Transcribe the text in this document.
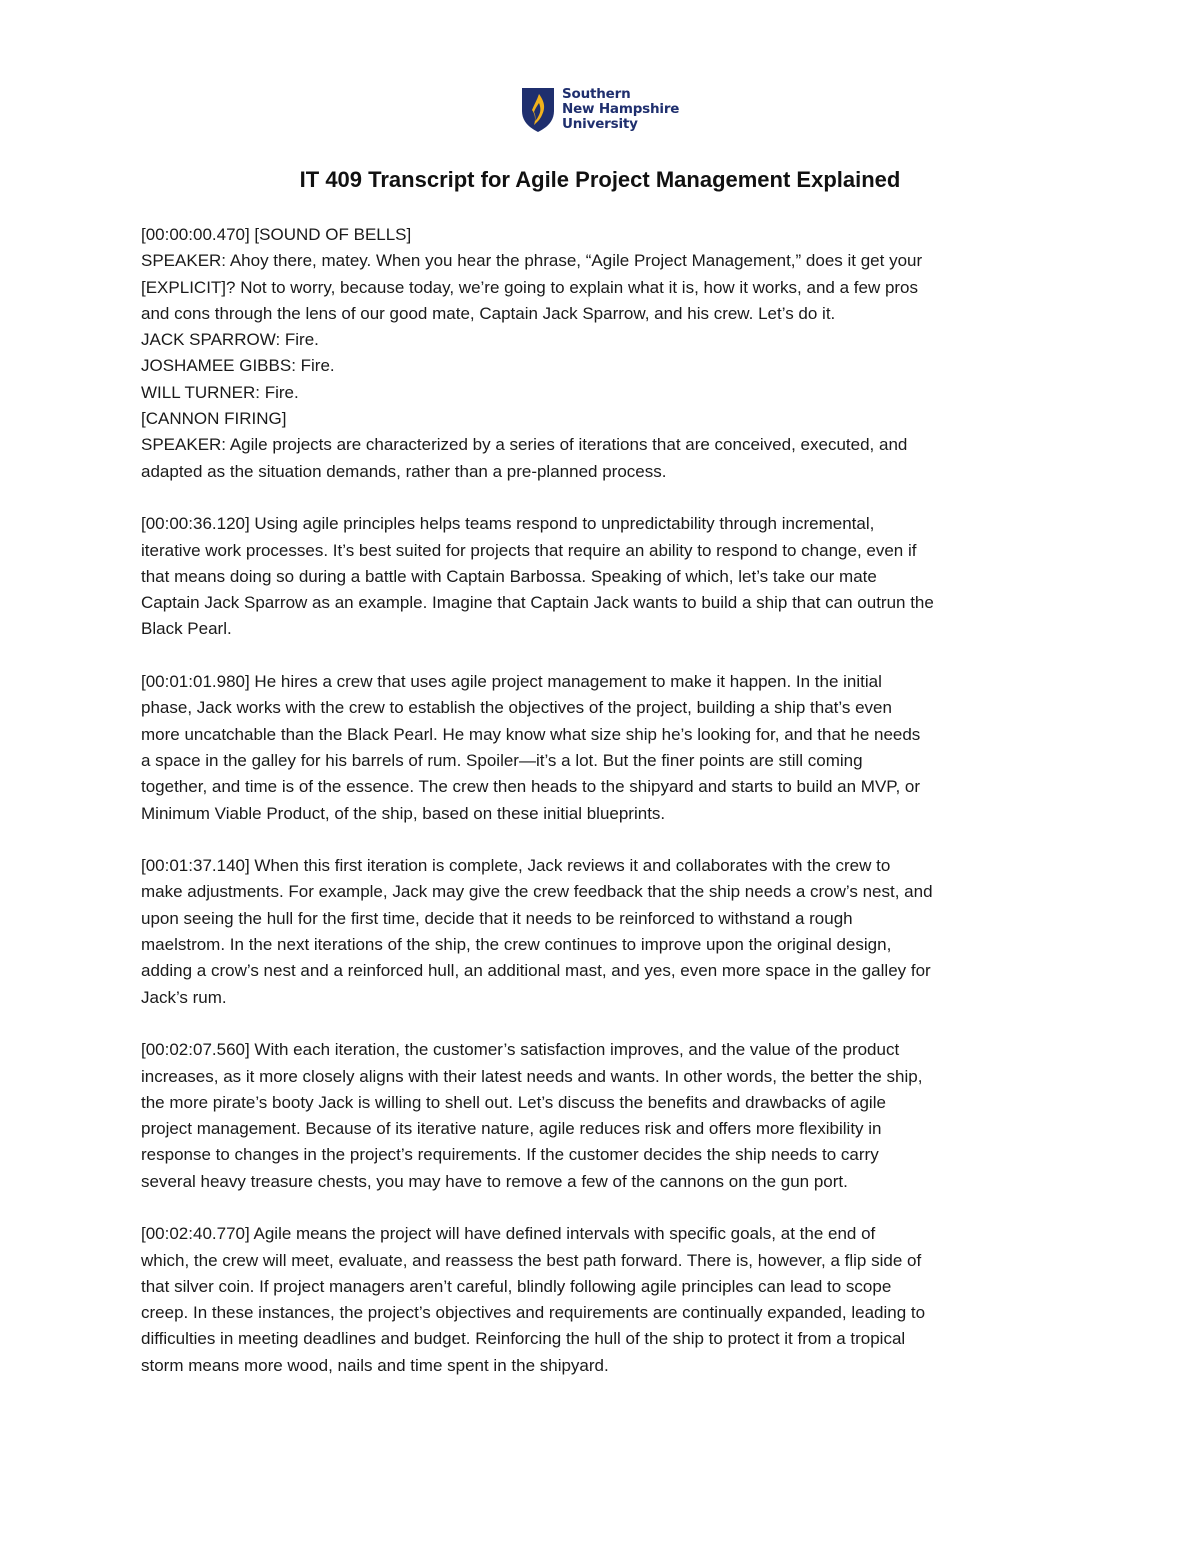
Southern
New Hampshire
University
IT 409 Transcript for Agile Project Management Explained
[00:00:00.470] [SOUND OF BELLS]
SPEAKER: Ahoy there, matey. When you hear the phrase, “Agile Project Management,” does it get your
[EXPLICIT]? Not to worry, because today, we’re going to explain what it is, how it works, and a few pros
and cons through the lens of our good mate, Captain Jack Sparrow, and his crew. Let’s do it.
JACK SPARROW: Fire.
JOSHAMEE GIBBS: Fire.
WILL TURNER: Fire.
[CANNON FIRING]
SPEAKER: Agile projects are characterized by a series of iterations that are conceived, executed, and
adapted as the situation demands, rather than a pre-planned process.
[00:00:36.120] Using agile principles helps teams respond to unpredictability through incremental,
iterative work processes. It’s best suited for projects that require an ability to respond to change, even if
that means doing so during a battle with Captain Barbossa. Speaking of which, let’s take our mate
Captain Jack Sparrow as an example. Imagine that Captain Jack wants to build a ship that can outrun the
Black Pearl.
[00:01:01.980] He hires a crew that uses agile project management to make it happen. In the initial
phase, Jack works with the crew to establish the objectives of the project, building a ship that’s even
more uncatchable than the Black Pearl. He may know what size ship he’s looking for, and that he needs
a space in the galley for his barrels of rum. Spoiler—it’s a lot. But the finer points are still coming
together, and time is of the essence. The crew then heads to the shipyard and starts to build an MVP, or
Minimum Viable Product, of the ship, based on these initial blueprints.
[00:01:37.140] When this first iteration is complete, Jack reviews it and collaborates with the crew to
make adjustments. For example, Jack may give the crew feedback that the ship needs a crow’s nest, and
upon seeing the hull for the first time, decide that it needs to be reinforced to withstand a rough
maelstrom. In the next iterations of the ship, the crew continues to improve upon the original design,
adding a crow’s nest and a reinforced hull, an additional mast, and yes, even more space in the galley for
Jack’s rum.
[00:02:07.560] With each iteration, the customer’s satisfaction improves, and the value of the product
increases, as it more closely aligns with their latest needs and wants. In other words, the better the ship,
the more pirate’s booty Jack is willing to shell out. Let’s discuss the benefits and drawbacks of agile
project management. Because of its iterative nature, agile reduces risk and offers more flexibility in
response to changes in the project’s requirements. If the customer decides the ship needs to carry
several heavy treasure chests, you may have to remove a few of the cannons on the gun port.
[00:02:40.770] Agile means the project will have defined intervals with specific goals, at the end of
which, the crew will meet, evaluate, and reassess the best path forward. There is, however, a flip side of
that silver coin. If project managers aren’t careful, blindly following agile principles can lead to scope
creep. In these instances, the project’s objectives and requirements are continually expanded, leading to
difficulties in meeting deadlines and budget. Reinforcing the hull of the ship to protect it from a tropical
storm means more wood, nails and time spent in the shipyard.
